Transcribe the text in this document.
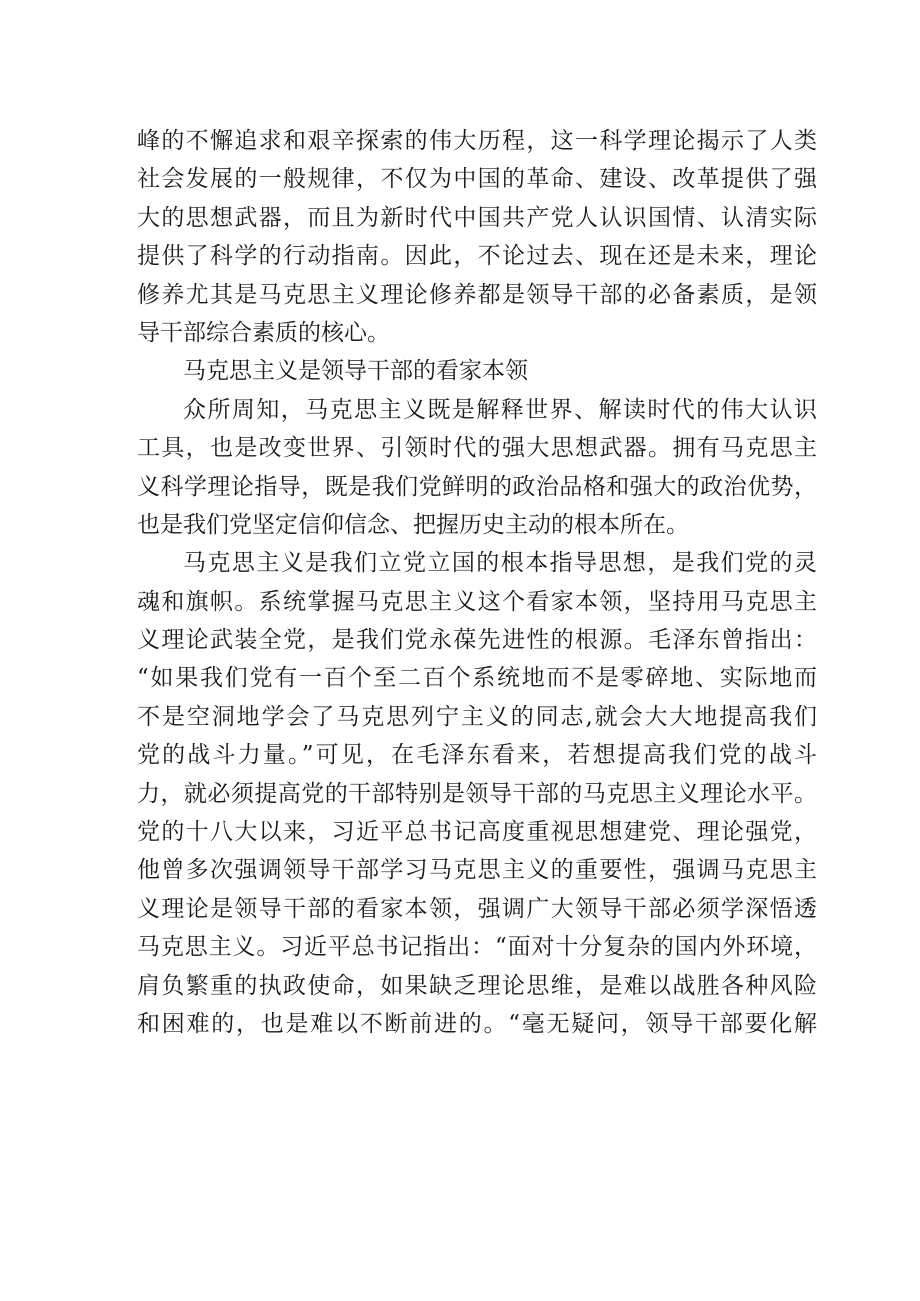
峰的不懈追求和艰辛探索的伟大历程，这一科学理论揭示了人类
社会发展的一般规律，不仅为中国的革命、建设、改革提供了强
大的思想武器，而且为新时代中国共产党人认识国情、认清实际
提供了科学的行动指南。因此，不论过去、现在还是未来，理论
修养尤其是马克思主义理论修养都是领导干部的必备素质，是领
导干部综合素质的核心。
马克思主义是领导干部的看家本领
众所周知，马克思主义既是解释世界、解读时代的伟大认识
工具，也是改变世界、引领时代的强大思想武器。拥有马克思主
义科学理论指导，既是我们党鲜明的政治品格和强大的政治优势，
也是我们党坚定信仰信念、把握历史主动的根本所在。
马克思主义是我们立党立国的根本指导思想，是我们党的灵
魂和旗帜。系统掌握马克思主义这个看家本领，坚持用马克思主
义理论武装全党，是我们党永葆先进性的根源。毛泽东曾指出：
“如果我们党有一百个至二百个系统地而不是零碎地、实际地而
不是空洞地学会了马克思列宁主义的同志,就会大大地提高我们
党的战斗力量。”可见，在毛泽东看来，若想提高我们党的战斗
力，就必须提高党的干部特别是领导干部的马克思主义理论水平。
党的十八大以来，习近平总书记高度重视思想建党、理论强党，
他曾多次强调领导干部学习马克思主义的重要性，强调马克思主
义理论是领导干部的看家本领，强调广大领导干部必须学深悟透
马克思主义。习近平总书记指出：“面对十分复杂的国内外环境，
肩负繁重的执政使命，如果缺乏理论思维，是难以战胜各种风险
和困难的，也是难以不断前进的。“毫无疑问，领导干部要化解
